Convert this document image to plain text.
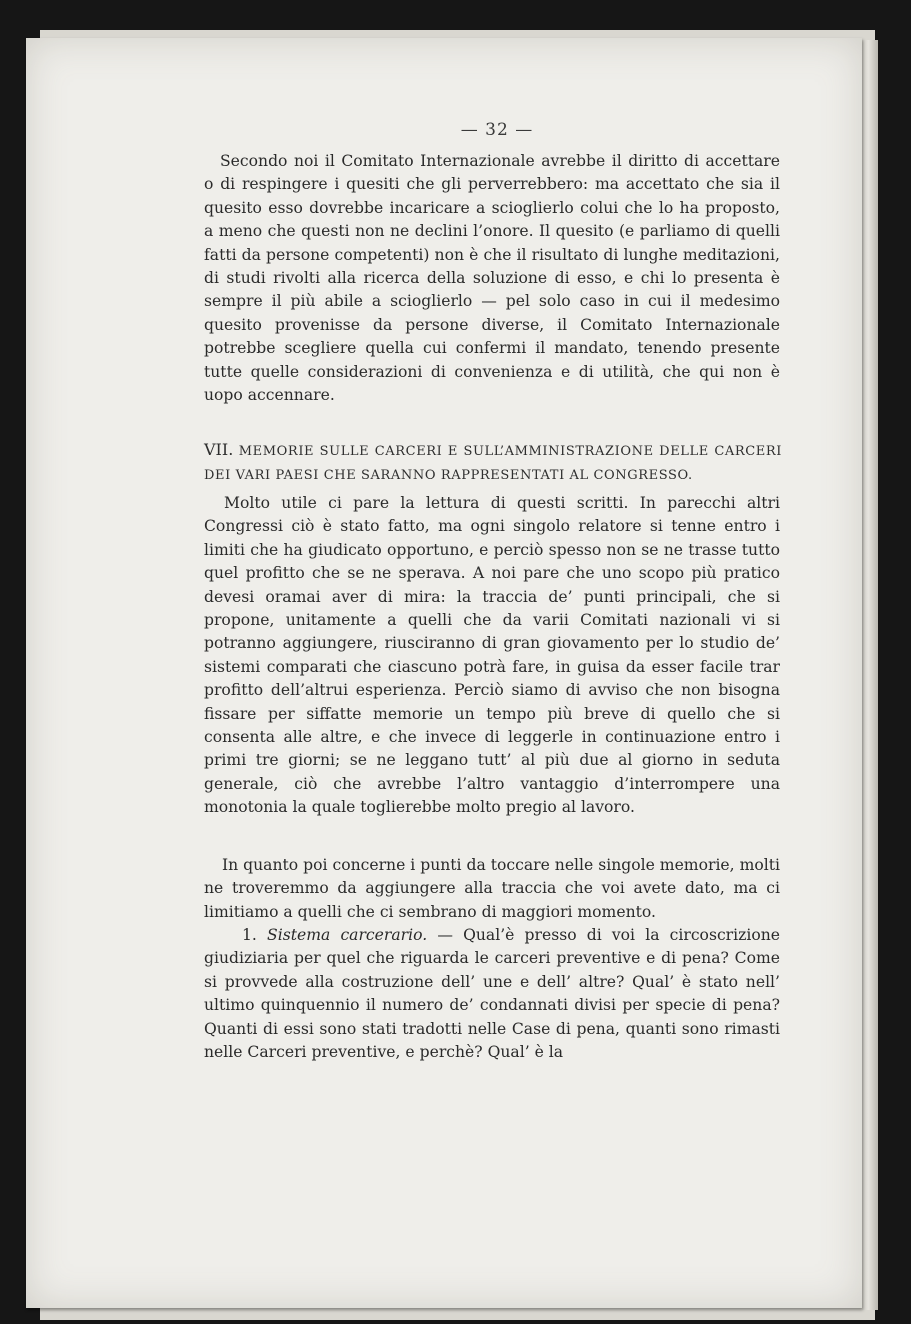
— 32 —
Secondo noi il Comitato Internazionale avrebbe il diritto di accettare o di respingere i quesiti che gli perverrebbero: ma accettato che sia il quesito esso dovrebbe incaricare a scioglierlo colui che lo ha proposto, a meno che questi non ne declini l’onore. Il quesito (e parliamo di quelli fatti da persone competenti) non è che il risultato di lunghe meditazioni, di studi rivolti alla ricerca della soluzione di esso, e chi lo presenta è sempre il più abile a scioglierlo — pel solo caso in cui il medesimo quesito provenisse da persone diverse, il Comitato Internazionale potrebbe scegliere quella cui confermi il mandato, tenendo presente tutte quelle considerazioni di convenienza e di utilità, che qui non è uopo accennare.
VII. MEMORIE SULLE CARCERI E SULL’AMMINISTRAZIONE DELLE CARCERI DEI VARI PAESI CHE SARANNO RAPPRESENTATI AL CONGRESSO.
Molto utile ci pare la lettura di questi scritti. In parecchi altri Congressi ciò è stato fatto, ma ogni singolo relatore si tenne entro i limiti che ha giudicato opportuno, e perciò spesso non se ne trasse tutto quel profitto che se ne sperava. A noi pare che uno scopo più pratico devesi oramai aver di mira: la traccia de’ punti principali, che si propone, unitamente a quelli che da varii Comitati nazionali vi si potranno aggiungere, riusciranno di gran giovamento per lo studio de’ sistemi comparati che ciascuno potrà fare, in guisa da esser facile trar profitto dell’altrui esperienza. Perciò siamo di avviso che non bisogna fissare per siffatte memorie un tempo più breve di quello che si consenta alle altre, e che invece di leggerle in continuazione entro i primi tre giorni; se ne leggano tutt’ al più due al giorno in seduta generale, ciò che avrebbe l’altro vantaggio d’interrompere una monotonia la quale toglierebbe molto pregio al lavoro.
In quanto poi concerne i punti da toccare nelle singole memorie, molti ne troveremmo da aggiungere alla traccia che voi avete dato, ma ci limitiamo a quelli che ci sembrano di maggiori momento.
1. Sistema carcerario. — Qual’è presso di voi la circoscrizione giudiziaria per quel che riguarda le carceri preventive e di pena? Come si provvede alla costruzione dell’ une e dell’ altre? Qual’ è stato nell’ ultimo quinquennio il numero de’ condannati divisi per specie di pena? Quanti di essi sono stati tradotti nelle Case di pena, quanti sono rimasti nelle Carceri preventive, e perchè? Qual’ è la
